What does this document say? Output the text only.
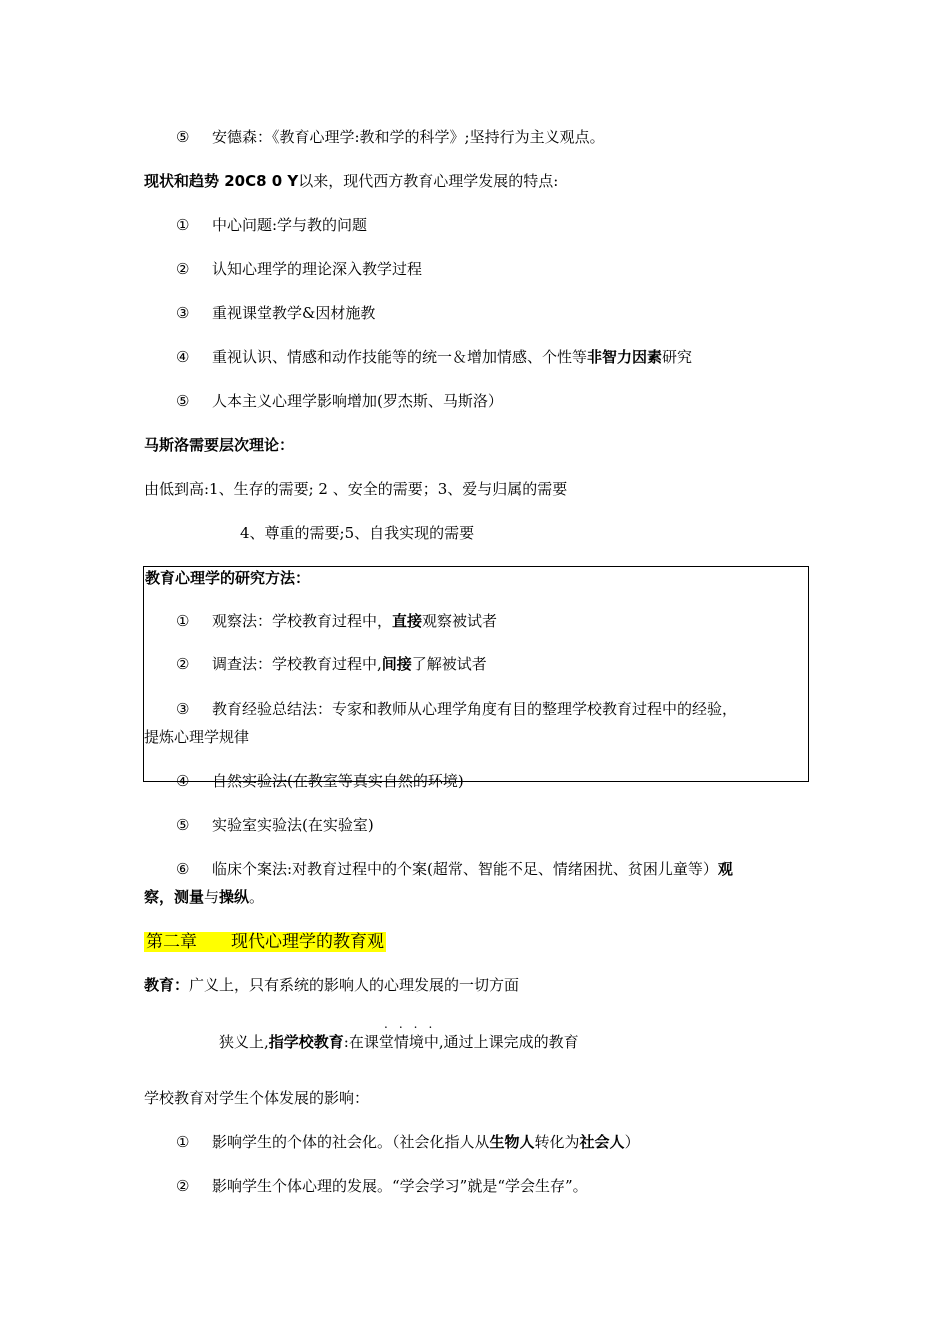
⑤ 安德森：《教育心理学:教和学的科学》;坚持行为主义观点。
现状和趋势 20C8 0 Y以来，现代西方教育心理学发展的特点:
① 中心问题:学与教的问题
② 认知心理学的理论深入教学过程
③ 重视课堂教学&因材施教
④ 重视认识、情感和动作技能等的统一＆增加情感、个性等非智力因素研究
⑤ 人本主义心理学影响增加(罗杰斯、马斯洛）
马斯洛需要层次理论：
由低到高:1、生存的需要; 2 、安全的需要；3、爱与归属的需要
4、尊重的需要;5、自我实现的需要
教育心理学的研究方法：
① 观察法：学校教育过程中，直接观察被试者
② 调查法：学校教育过程中,间接了解被试者
③ 教育经验总结法：专家和教师从心理学角度有目的整理学校教育过程中的经验，
提炼心理学规律
④ 自然实验法(在教室等真实自然的环境)
⑤ 实验室实验法(在实验室)
⑥ 临床个案法:对教育过程中的个案(超常、智能不足、情绪困扰、贫困儿童等）观
察，测量与操纵。
第二章　　现代心理学的教育观
教育：广义上，只有系统的影响人的心理发展的一切方面
....
狭义上,指学校教育:在课堂情境中,通过上课完成的教育
学校教育对学生个体发展的影响：
① 影响学生的个体的社会化。（社会化指人从生物人转化为社会人）
② 影响学生个体心理的发展。“学会学习”就是“学会生存”。
